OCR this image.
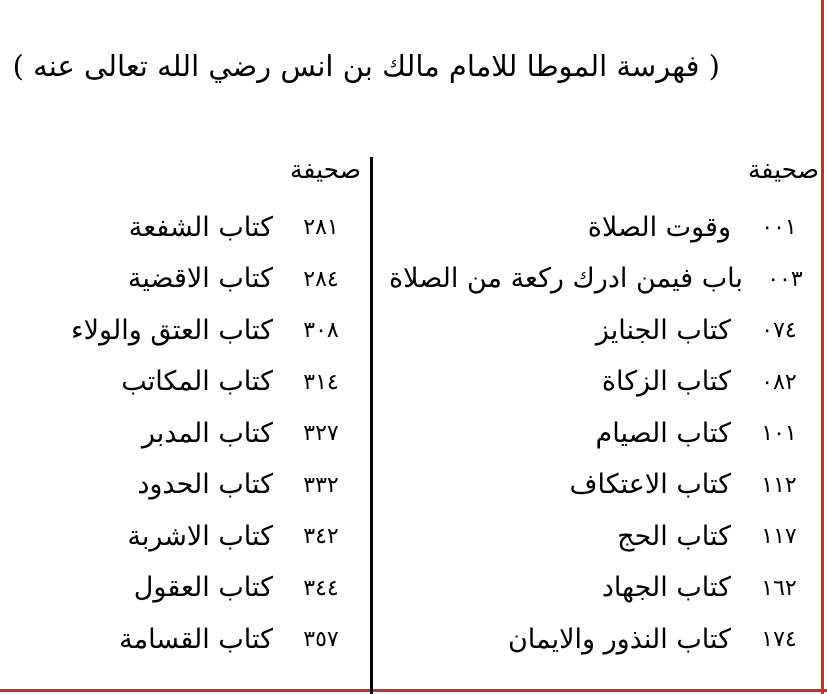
( فهرسة الموطا للامام مالك بن انس رضي الله تعالى عنه )
صحيفة
٠٠١
وقوت الصلاة
٠٠٣
باب فيمن ادرك ركعة من الصلاة
٠٧٤
كتاب الجنايز
٠٨٢
كتاب الزكاة
١٠١
كتاب الصيام
١١٢
كتاب الاعتكاف
١١٧
كتاب الحج
١٦٢
كتاب الجهاد
١٧٤
كتاب النذور والايمان
صحيفة
٢٨١
كتاب الشفعة
٢٨٤
كتاب الاقضية
٣٠٨
كتاب العتق والولاء
٣١٤
كتاب المكاتب
٣٢٧
كتاب المدبر
٣٣٢
كتاب الحدود
٣٤٢
كتاب الاشربة
٣٤٤
كتاب العقول
٣٥٧
كتاب القسامة
